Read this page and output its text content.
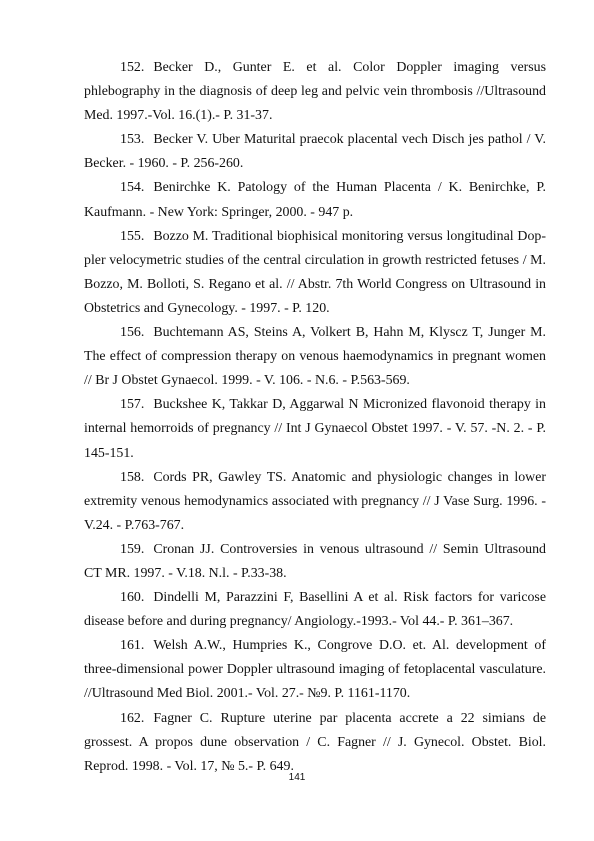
152. Becker D., Gunter E. et al. Color Doppler imaging versus phlebography in the diagnosis of deep leg and pelvic vein thrombosis //Ultrasound Med. 1997.-Vol. 16.(1).- P. 31-37.
153. Becker V. Uber Maturital praecok placental vech Disch jes pathol / V. Becker. - 1960. - P. 256-260.
154. Benirchke K. Patology of the Human Placenta / K. Benirchke, P. Kaufmann. - New York: Springer, 2000. - 947 p.
155. Bozzo M. Traditional biophisical monitoring versus longitudinal Doppler velocymetric studies of the central circulation in growth restricted fetuses / M. Bozzo, M. Bolloti, S. Regano et al. // Abstr. 7th World Congress on Ultrasound in Obstetrics and Gynecology. - 1997. - P. 120.
156. Buchtemann AS, Steins A, Volkert B, Hahn M, Klyscz T, Junger M. The effect of compression therapy on venous haemodynamics in pregnant women // Br J Obstet Gynaecol. 1999. - V. 106. - N.6. - P.563-569.
157. Buckshee K, Takkar D, Aggarwal N Micronized flavonoid therapy in internal hemorroids of pregnancy // Int J Gynaecol Obstet 1997. - V. 57. -N. 2. - P. 145-151.
158. Cords PR, Gawley TS. Anatomic and physiologic changes in lower extremity venous hemodynamics associated with pregnancy // J Vase Surg. 1996. - V.24. - P.763-767.
159. Cronan JJ. Controversies in venous ultrasound // Semin Ultrasound CT MR. 1997. - V.18. N.l. - P.33-38.
160. Dindelli M, Parazzini F, Basellini A et al. Risk factors for varicose disease before and during pregnancy/ Angiology.-1993.- Vol 44.- P. 361–367.
161. Welsh A.W., Humpries K., Congrove D.O. et. Al. development of three-dimensional power Doppler ultrasound imaging of fetoplacental vasculature. //Ultrasound Med Biol. 2001.- Vol. 27.- №9. P. 1161-1170.
162. Fagner C. Rupture uterine par placenta accrete a 22 simians de grossest. A propos dune observation / C. Fagner // J. Gynecol. Obstet. Biol. Reprod. 1998. - Vol. 17, № 5.- P. 649.
141
